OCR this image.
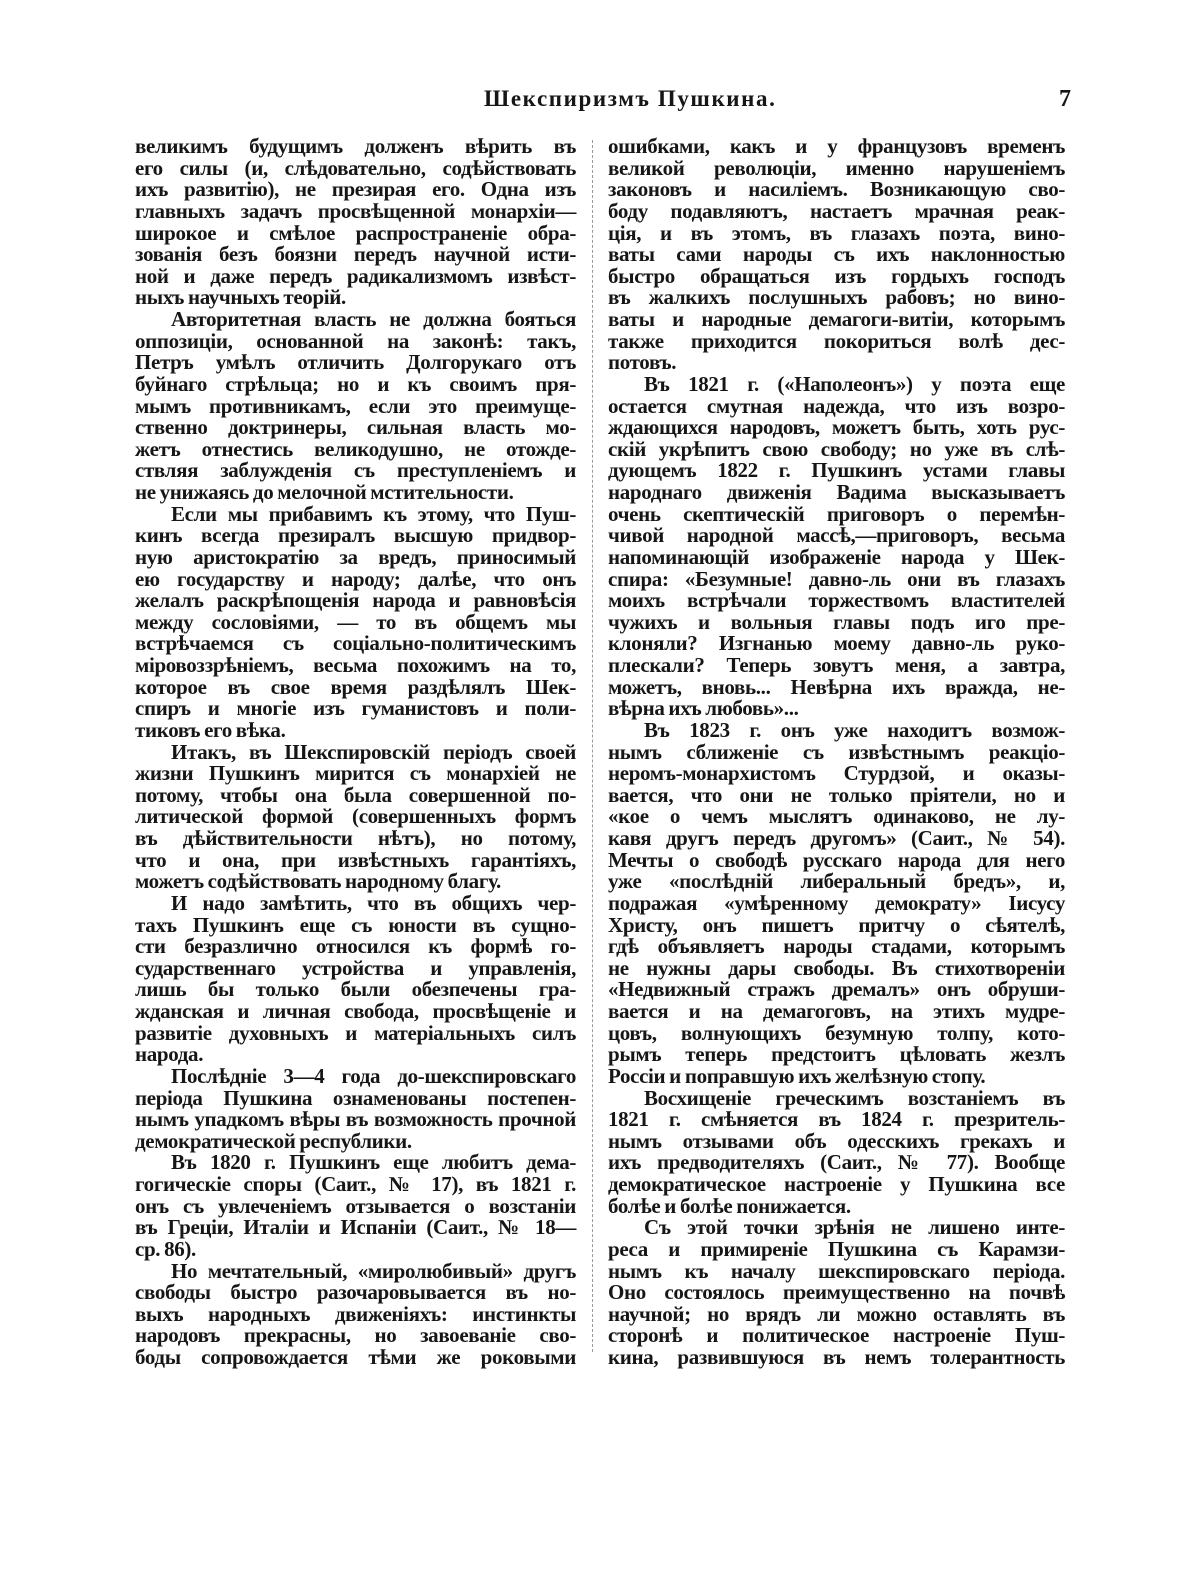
Шекспиризмъ Пушкина.	7
великимъ будущимъ долженъ вѣрить въ
его силы (и, слѣдовательно, содѣйствовать
ихъ развитію), не презирая его. Одна изъ
главныхъ задачъ просвѣщенной монархіи—
широкое и смѣлое распространеніе обра-
зованія безъ боязни передъ научной исти-
ной и даже передъ радикализмомъ извѣст-
ныхъ научныхъ теорій.
Авторитетная власть не должна бояться
оппозиціи, основанной на законѣ: такъ,
Петръ умѣлъ отличить Долгорукаго отъ
буйнаго стрѣльца; но и къ своимъ пря-
мымъ противникамъ, если это преимуще-
ственно доктринеры, сильная власть мо-
жетъ отнестись великодушно, не отожде-
ствляя заблужденія съ преступленіемъ и
не унижаясь до мелочной мстительности.
Если мы прибавимъ къ этому, что Пуш-
кинъ всегда презиралъ высшую придвор-
ную аристократію за вредъ, приносимый
ею государству и народу; далѣе, что онъ
желалъ раскрѣпощенія народа и равновѣсія
между сословіями, — то въ общемъ мы
встрѣчаемся съ соціально-политическимъ
міровоззрѣніемъ, весьма похожимъ на то,
которое въ свое время раздѣлялъ Шек-
спиръ и многіе изъ гуманистовъ и поли-
тиковъ его вѣка.
Итакъ, въ Шекспировскій періодъ своей
жизни Пушкинъ мирится съ монархіей не
потому, чтобы она была совершенной по-
литической формой (совершенныхъ формъ
въ дѣйствительности нѣтъ), но потому,
что и она, при извѣстныхъ гарантіяхъ,
можетъ содѣйствовать народному благу.
И надо замѣтить, что въ общихъ чер-
тахъ Пушкинъ еще съ юности въ сущно-
сти безразлично относился къ формѣ го-
сударственнаго устройства и управленія,
лишь бы только были обезпечены гра-
жданская и личная свобода, просвѣщеніе и
развитіе духовныхъ и матеріальныхъ силъ
народа.
Послѣдніе 3—4 года до-шекспировскаго
періода Пушкина ознаменованы постепен-
нымъ упадкомъ вѣры въ возможность прочной
демократической республики.
Въ 1820 г. Пушкинъ еще любитъ дема-
гогическіе споры (Саит., № 17), въ 1821 г.
онъ съ увлеченіемъ отзывается о возстаніи
въ Греціи, Италіи и Испаніи (Саит., № 18—
ср. 86).
Но мечтательный, «миролюбивый» другъ
свободы быстро разочаровывается въ но-
выхъ народныхъ движеніяхъ: инстинкты
народовъ прекрасны, но завоеваніе сво-
боды сопровождается тѣми же роковыми
ошибками, какъ и у французовъ временъ
великой революціи, именно нарушеніемъ
законовъ и насиліемъ. Возникающую сво-
боду подавляютъ, настаетъ мрачная реак-
ція, и въ этомъ, въ глазахъ поэта, вино-
ваты сами народы съ ихъ наклонностью
быстро обращаться изъ гордыхъ господъ
въ жалкихъ послушныхъ рабовъ; но вино-
ваты и народные демагоги-витіи, которымъ
также приходится покориться волѣ дес-
потовъ.
Въ 1821 г. («Наполеонъ») у поэта еще
остается смутная надежда, что изъ возро-
ждающихся народовъ, можетъ быть, хоть рус-
скій укрѣпитъ свою свободу; но уже въ слѣ-
дующемъ 1822 г. Пушкинъ устами главы
народнаго движенія Вадима высказываетъ
очень скептическій приговоръ о перемѣн-
чивой народной массѣ,—приговоръ, весьма
напоминающій изображеніе народа у Шек-
спира: «Безумные! давно-ль они въ глазахъ
моихъ встрѣчали торжествомъ властителей
чужихъ и вольныя главы подъ иго пре-
клоняли? Изгнанью моему давно-ль руко-
плескали? Теперь зовутъ меня, а завтра,
можетъ, вновь... Невѣрна ихъ вражда, не-
вѣрна ихъ любовь»...
Въ 1823 г. онъ уже находитъ возмож-
нымъ сближеніе съ извѣстнымъ реакціо-
неромъ-монархистомъ Стурдзой, и оказы-
вается, что они не только пріятели, но и
«кое о чемъ мыслятъ одинаково, не лу-
кавя другъ передъ другомъ» (Саит., № 54).
Мечты о свободѣ русскаго народа для него
уже «послѣдній либеральный бредъ», и,
подражая «умѣренному демократу» Іисусу
Христу, онъ пишетъ притчу о сѣятелѣ,
гдѣ объявляетъ народы стадами, которымъ
не нужны дары свободы. Въ стихотвореніи
«Недвижный стражъ дремалъ» онъ обруши-
вается и на демагоговъ, на этихъ мудре-
цовъ, волнующихъ безумную толпу, кото-
рымъ теперь предстоитъ цѣловать жезлъ
Россіи и поправшую ихъ желѣзную стопу.
Восхищеніе греческимъ возстаніемъ въ
1821 г. смѣняется въ 1824 г. презритель-
нымъ отзывами объ одесскихъ грекахъ и
ихъ предводителяхъ (Саит., № 77). Вообще
демократическое настроеніе у Пушкина все
болѣе и болѣе понижается.
Съ этой точки зрѣнія не лишено инте-
реса и примиреніе Пушкина съ Карамзи-
нымъ къ началу шекспировскаго періода.
Оно состоялось преимущественно на почвѣ
научной; но врядъ ли можно оставлять въ
сторонѣ и политическое настроеніе Пуш-
кина, развившуюся въ немъ толерантность
